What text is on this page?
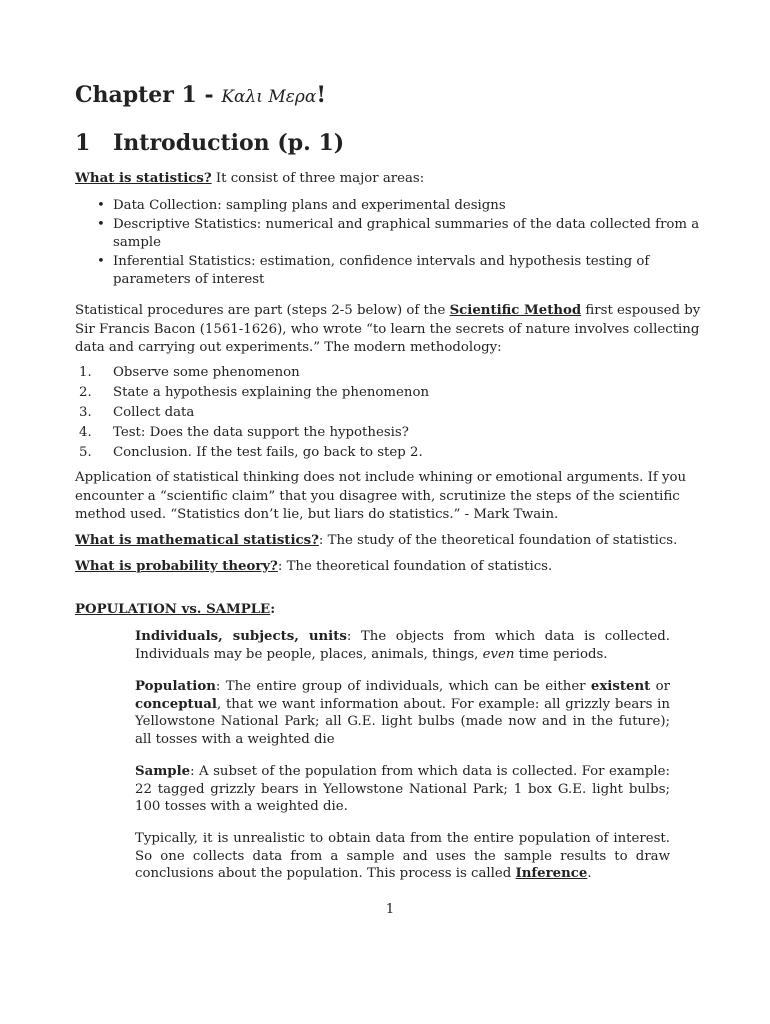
Chapter 1 - Καλι Μερα!
1 Introduction (p. 1)
What is statistics? It consist of three major areas:
• Data Collection: sampling plans and experimental designs
• Descriptive Statistics: numerical and graphical summaries of the data collected from a sample
• Inferential Statistics: estimation, confidence intervals and hypothesis testing of parameters of interest

Statistical procedures are part (steps 2-5 below) of the Scientific Method first espoused by Sir Francis Bacon (1561-1626), who wrote “to learn the secrets of nature involves collecting data and carrying out experiments.” The modern methodology:

1. Observe some phenomenon
2. State a hypothesis explaining the phenomenon
3. Collect data
4. Test: Does the data support the hypothesis?
5. Conclusion. If the test fails, go back to step 2.

Application of statistical thinking does not include whining or emotional arguments. If you encounter a “scientific claim” that you disagree with, scrutinize the steps of the scientific method used. “Statistics don’t lie, but liars do statistics.” - Mark Twain.

What is mathematical statistics?: The study of the theoretical foundation of statistics.
What is probability theory?: The theoretical foundation of statistics.
POPULATION vs. SAMPLE:

Individuals, subjects, units: The objects from which data is collected. Individuals may be people, places, animals, things, even time periods.

Population: The entire group of individuals, which can be either existent or conceptual, that we want information about. For example: all grizzly bears in Yellowstone National Park; all G.E. light bulbs (made now and in the future); all tosses with a weighted die

Sample: A subset of the population from which data is collected. For example: 22 tagged grizzly bears in Yellowstone National Park; 1 box G.E. light bulbs; 100 tosses with a weighted die.

Typically, it is unrealistic to obtain data from the entire population of interest. So one collects data from a sample and uses the sample results to draw conclusions about the population. This process is called Inference.

1
